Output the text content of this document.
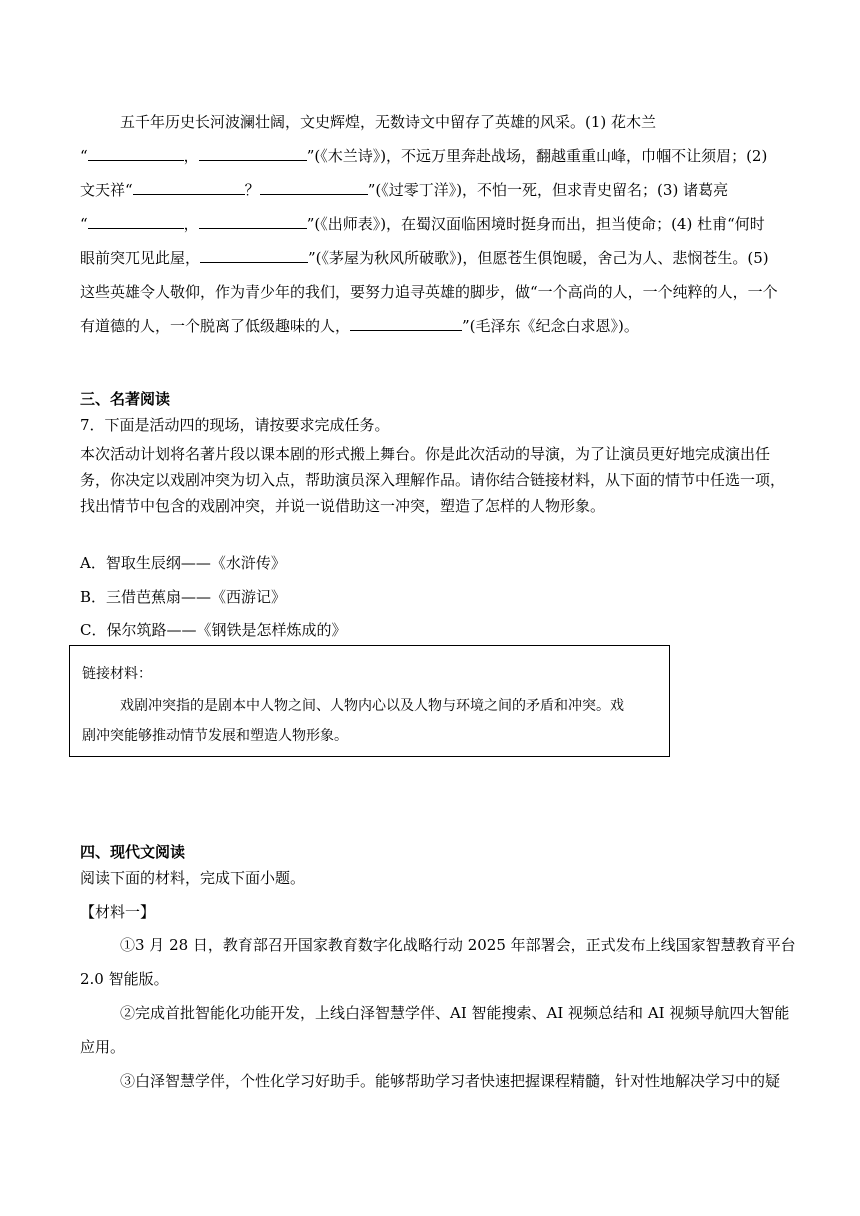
五千年历史长河波澜壮阔，文史辉煌，无数诗文中留存了英雄的风采。(1) 花木兰
“	，	”(《木兰诗》)，不远万里奔赴战场，翻越重重山峰，巾帼不让须眉；(2)
文天祥“	？	”(《过零丁洋》)，不怕一死，但求青史留名；(3) 诸葛亮
“	，	”(《出师表》)，在蜀汉面临困境时挺身而出，担当使命；(4) 杜甫“何时
眼前突兀见此屋，	”(《茅屋为秋风所破歌》)，但愿苍生俱饱暖，舍己为人、悲悯苍生。(5)
这些英雄令人敬仰，作为青少年的我们，要努力追寻英雄的脚步，做“一个高尚的人，一个纯粹的人，一个
有道德的人，一个脱离了低级趣味的人，	”(毛泽东《纪念白求恩》)。
三、名著阅读
7．下面是活动四的现场，请按要求完成任务。
本次活动计划将名著片段以课本剧的形式搬上舞台。你是此次活动的导演，为了让演员更好地完成演出任
务，你决定以戏剧冲突为切入点，帮助演员深入理解作品。请你结合链接材料，从下面的情节中任选一项，
找出情节中包含的戏剧冲突，并说一说借助这一冲突，塑造了怎样的人物形象。
A．智取生辰纲——《水浒传》
B．三借芭蕉扇——《西游记》
C．保尔筑路——《钢铁是怎样炼成的》
链接材料：
戏剧冲突指的是剧本中人物之间、人物内心以及人物与环境之间的矛盾和冲突。戏
剧冲突能够推动情节发展和塑造人物形象。
四、现代文阅读
阅读下面的材料，完成下面小题。
【材料一】
①3 月 28 日，教育部召开国家教育数字化战略行动 2025 年部署会，正式发布上线国家智慧教育平台
2.0 智能版。
②完成首批智能化功能开发，上线白泽智慧学伴、AI 智能搜索、AI 视频总结和 AI 视频导航四大智能
应用。
③白泽智慧学伴，个性化学习好助手。能够帮助学习者快速把握课程精髓，针对性地解决学习中的疑
